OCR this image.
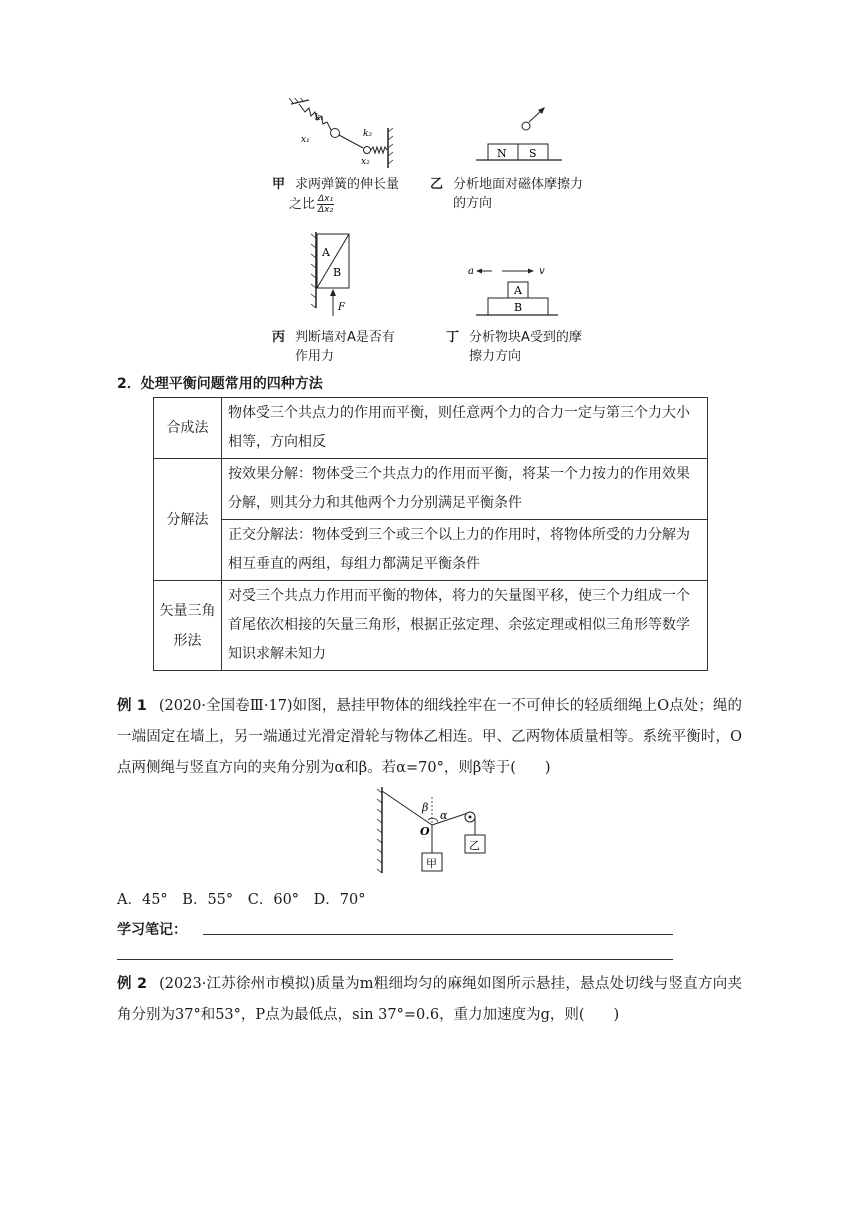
k₁
x₁
k₂
x₂
甲 求两弹簧的伸长量
之比 $\frac{\text{Δx₁}}{\text{Δx₂}}$
N S
乙 分析地面对磁体摩擦力
的方向
A
B
F
丙 判断墙对A是否有
作用力
a	v
A
B
丁 分析物块A受到的摩
擦力方向
2．处理平衡问题常用的四种方法
合成法	物体受三个共点力的作用而平衡，则任意两个力的合力一定与第三个力大小相等，方向相反
分解法	按效果分解：物体受三个共点力的作用而平衡，将某一个力按力的作用效果分解，则其分力和其他两个力分别满足平衡条件
	正交分解法：物体受到三个或三个以上力的作用时，将物体所受的力分解为相互垂直的两组，每组力都满足平衡条件
矢量三角形法	对受三个共点力作用而平衡的物体，将力的矢量图平移，使三个力组成一个首尾依次相接的矢量三角形，根据正弦定理、余弦定理或相似三角形等数学知识求解未知力
例 1 (2020·全国卷Ⅲ·17)如图，悬挂甲物体的细线拴牢在一不可伸长的轻质细绳上O点处；绳的一端固定在墙上，另一端通过光滑定滑轮与物体乙相连。甲、乙两物体质量相等。系统平衡时，O点两侧绳与竖直方向的夹角分别为α和β。若α=70°，则β等于(　　)
β
α
O
甲
乙
A．45° B．55° C．60° D．70°
学习笔记：
例 2 (2023·江苏徐州市模拟)质量为m粗细均匀的麻绳如图所示悬挂，悬点处切线与竖直方向夹角分别为37°和53°，P点为最低点，sin 37°=0.6，重力加速度为g，则(　　)
